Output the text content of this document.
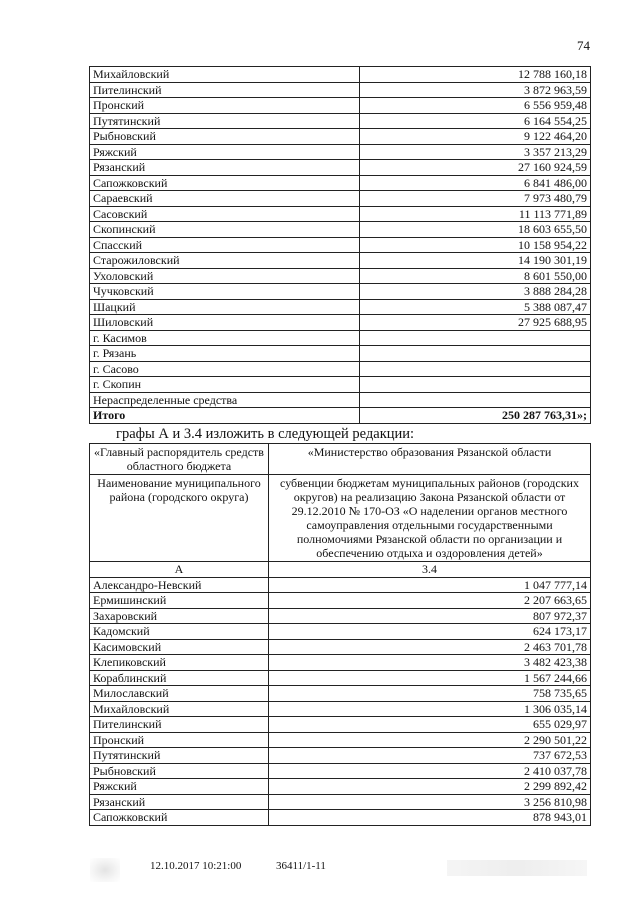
74
Михайловский	12 788 160,18
Пителинский	3 872 963,59
Пронский	6 556 959,48
Путятинский	6 164 554,25
Рыбновский	9 122 464,20
Ряжский	3 357 213,29
Рязанский	27 160 924,59
Сапожковский	6 841 486,00
Сараевский	7 973 480,79
Сасовский	11 113 771,89
Скопинский	18 603 655,50
Спасский	10 158 954,22
Старожиловский	14 190 301,19
Ухоловский	8 601 550,00
Чучковский	3 888 284,28
Шацкий	5 388 087,47
Шиловский	27 925 688,95
г. Касимов	
г. Рязань	
г. Сасово	
г. Скопин	
Нераспределенные средства	
Итого	250 287 763,31»;
графы А и 3.4 изложить в следующей редакции:
«Главный распорядитель средств областного бюджета	«Министерство образования Рязанской области
Наименование муниципального района (городского округа)	субвенции бюджетам муниципальных районов (городских округов) на реализацию Закона Рязанской области от 29.12.2010 № 170-ОЗ «О наделении органов местного самоуправления отдельными государственными полномочиями Рязанской области по организации и обеспечению отдыха и оздоровления детей»
А	3.4
Александро-Невский	1 047 777,14
Ермишинский	2 207 663,65
Захаровский	807 972,37
Кадомский	624 173,17
Касимовский	2 463 701,78
Клепиковский	3 482 423,38
Кораблинский	1 567 244,66
Милославский	758 735,65
Михайловский	1 306 035,14
Пителинский	655 029,97
Пронский	2 290 501,22
Путятинский	737 672,53
Рыбновский	2 410 037,78
Ряжский	2 299 892,42
Рязанский	3 256 810,98
Сапожковский	878 943,01
12.10.2017 10:21:00	36411/1-11
